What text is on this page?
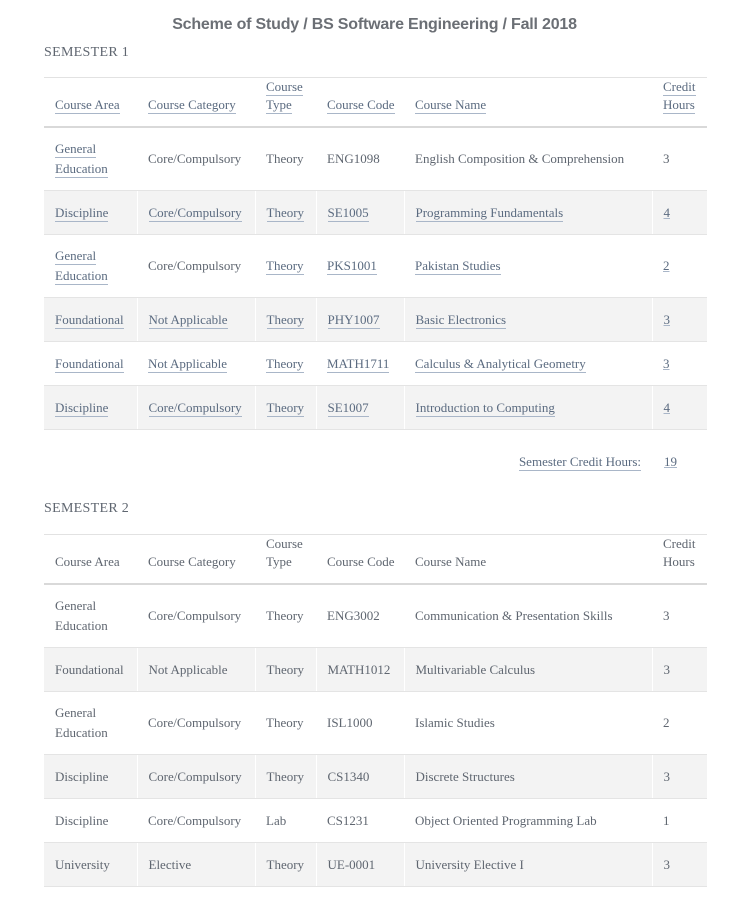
Scheme of Study / BS Software Engineering / Fall 2018
SEMESTER 1
Course Area	Course Category	Course Type	Course Code	Course Name	Credit Hours
General Education	Core/Compulsory	Theory	ENG1098	English Composition & Comprehension	3
Discipline	Core/Compulsory	Theory	SE1005	Programming Fundamentals	4
General Education	Core/Compulsory	Theory	PKS1001	Pakistan Studies	2
Foundational	Not Applicable	Theory	PHY1007	Basic Electronics	3
Foundational	Not Applicable	Theory	MATH1711	Calculus & Analytical Geometry	3
Discipline	Core/Compulsory	Theory	SE1007	Introduction to Computing	4
Semester Credit Hours: 19
SEMESTER 2
Course Area	Course Category	Course Type	Course Code	Course Name	Credit Hours
General Education	Core/Compulsory	Theory	ENG3002	Communication & Presentation Skills	3
Foundational	Not Applicable	Theory	MATH1012	Multivariable Calculus	3
General Education	Core/Compulsory	Theory	ISL1000	Islamic Studies	2
Discipline	Core/Compulsory	Theory	CS1340	Discrete Structures	3
Discipline	Core/Compulsory	Lab	CS1231	Object Oriented Programming Lab	1
University	Elective	Theory	UE-0001	University Elective I	3
